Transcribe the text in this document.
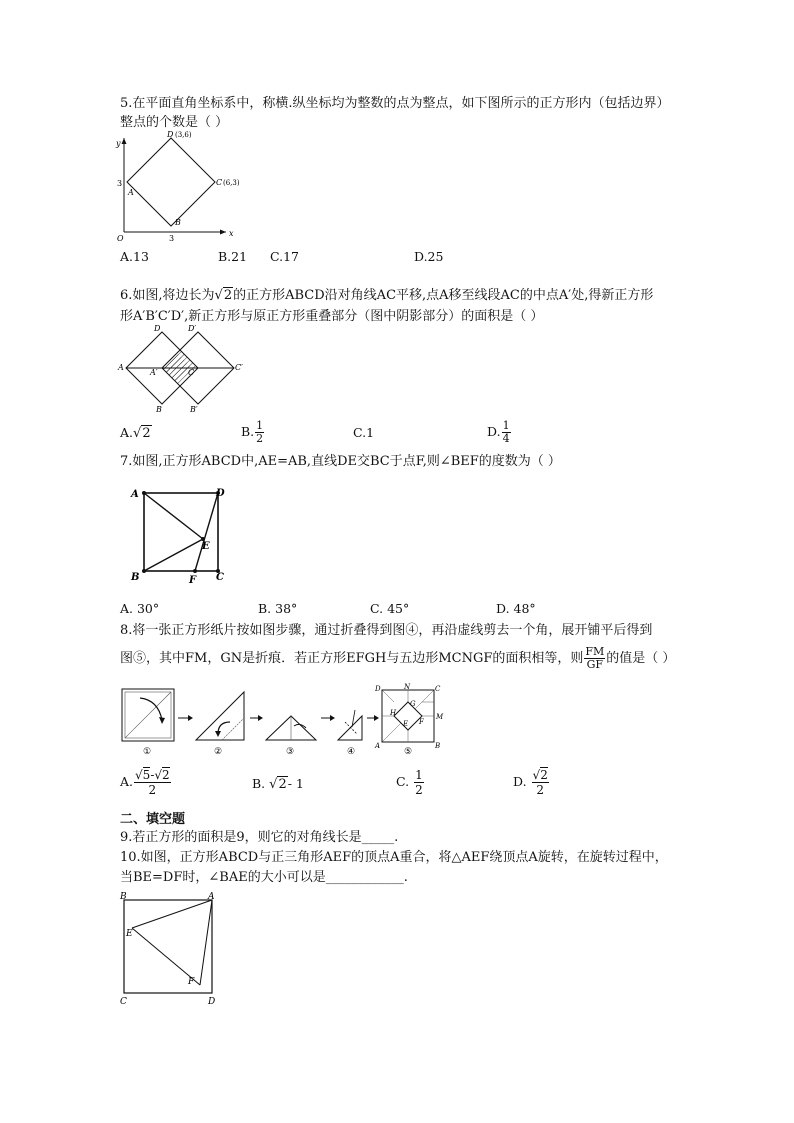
5.在平面直角坐标系中，称横.纵坐标均为整数的点为整点，如下图所示的正方形内（包括边界）
整点的个数是（ ）
y
x
O
D (3,6)
C (6,3)
A
B
3
3
A.13	B.21 C.17	D.25
6.如图,将边长为√2的正方形ABCD沿对角线AC平移,点A移至线段AC的中点A′处,得新正方形
形A′B′C′D′,新正方形与原正方形重叠部分（图中阴影部分）的面积是（ ）
D	D′
A
A′	C
C′
B	B′
A.√2	B. $\frac{1}{2}$	C.1	D. $\frac{1}{4}$
7.如图,正方形ABCD中,AE=AB,直线DE交BC于点F,则∠BEF的度数为（ ）
A	D
E
B	F C
A. 30°	B. 38°	C. 45°	D. 48°
8.将一张正方形纸片按如图步骤，通过折叠得到图④，再沿虚线剪去一个角，展开铺平后得到
图⑤，其中FM，GN是折痕．若正方形EFGH与五边形MCNGF的面积相等，则 $\frac{FM}{GF}$ 的值是（ ）
①	②	③	④
D	N	C
G
H	M
E F
A	B
⑤
A. $\frac{√5-√2}{2}$	B. √2- 1	C. $\frac{1}{2}$	D. $\frac{√2}{2}$
二、填空题
9.若正方形的面积是9，则它的对角线长是_____.
10.如图，正方形ABCD与正三角形AEF的顶点A重合，将△AEF绕顶点A旋转，在旋转过程中，
当BE=DF时，∠BAE的大小可以是____________.
B	A
E
F
C	D
